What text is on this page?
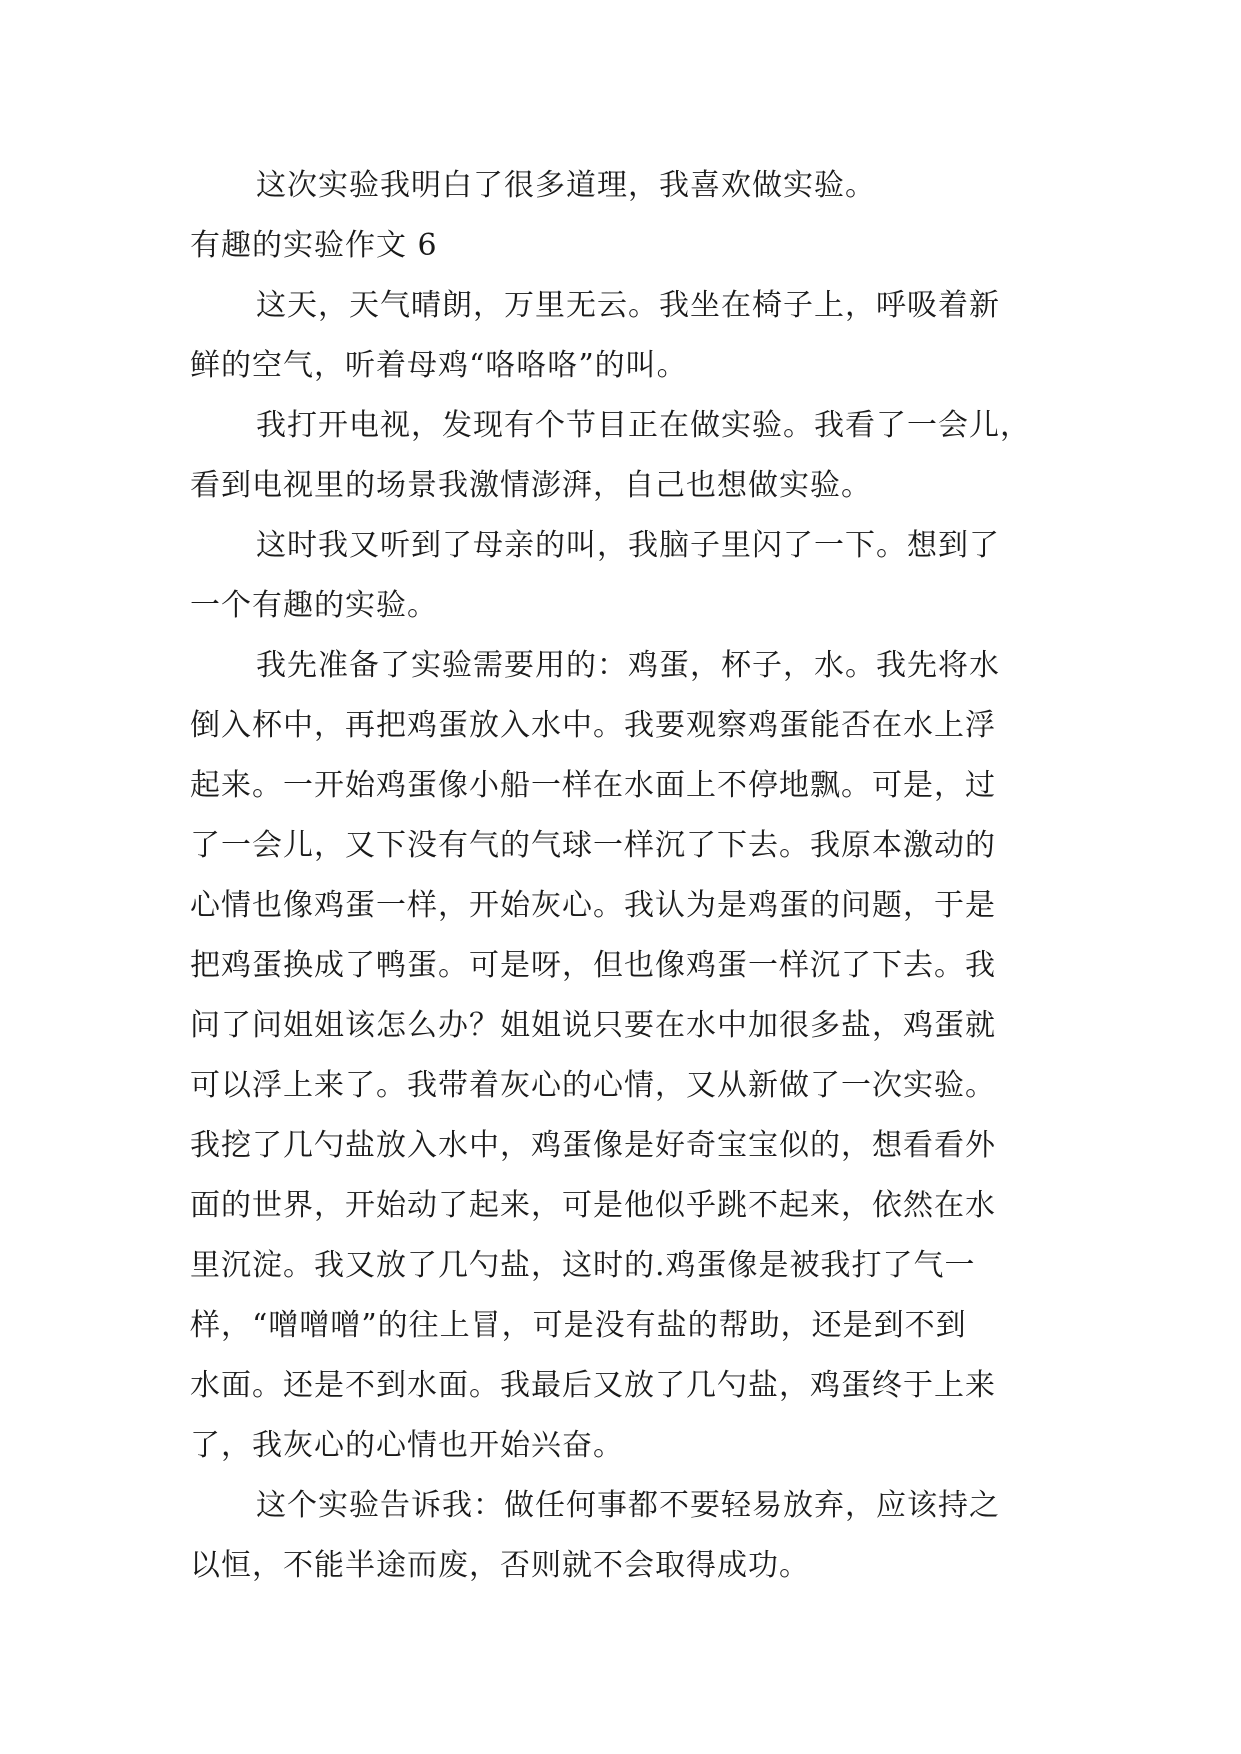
这次实验我明白了很多道理，我喜欢做实验。
有趣的实验作文 6
这天，天气晴朗，万里无云。我坐在椅子上，呼吸着新
鲜的空气，听着母鸡“咯咯咯”的叫。
我打开电视，发现有个节目正在做实验。我看了一会儿，
看到电视里的场景我激情澎湃，自己也想做实验。
这时我又听到了母亲的叫，我脑子里闪了一下。想到了
一个有趣的实验。
我先准备了实验需要用的：鸡蛋，杯子，水。我先将水
倒入杯中，再把鸡蛋放入水中。我要观察鸡蛋能否在水上浮
起来。一开始鸡蛋像小船一样在水面上不停地飘。可是，过
了一会儿，又下没有气的气球一样沉了下去。我原本激动的
心情也像鸡蛋一样，开始灰心。我认为是鸡蛋的问题，于是
把鸡蛋换成了鸭蛋。可是呀，但也像鸡蛋一样沉了下去。我
问了问姐姐该怎么办？姐姐说只要在水中加很多盐，鸡蛋就
可以浮上来了。我带着灰心的心情，又从新做了一次实验。
我挖了几勺盐放入水中，鸡蛋像是好奇宝宝似的，想看看外
面的世界，开始动了起来，可是他似乎跳不起来，依然在水
里沉淀。我又放了几勺盐，这时的.鸡蛋像是被我打了气一
样，“噌噌噌”的往上冒，可是没有盐的帮助，还是到不到
水面。还是不到水面。我最后又放了几勺盐，鸡蛋终于上来
了，我灰心的心情也开始兴奋。
这个实验告诉我：做任何事都不要轻易放弃，应该持之
以恒，不能半途而废，否则就不会取得成功。
